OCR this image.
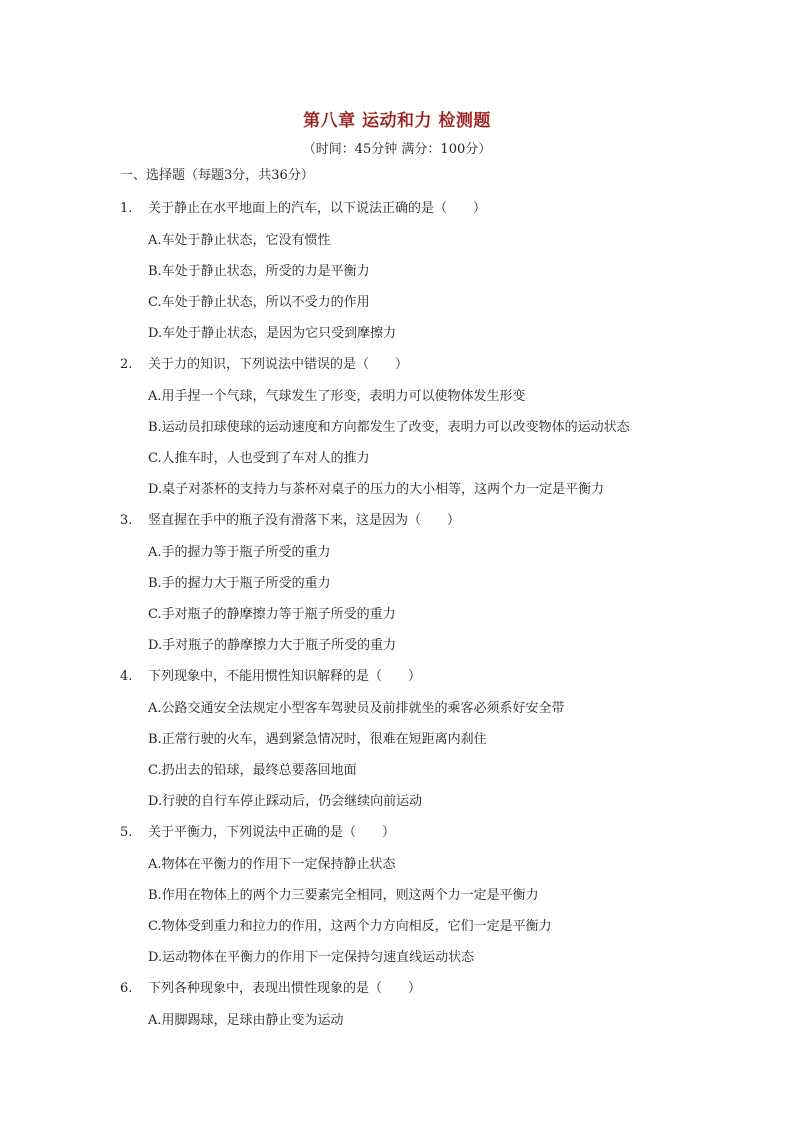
第八章 运动和力 检测题
（时间：45分钟 满分：100分）
一、选择题（每题3分，共36分）
1. 关于静止在水平地面上的汽车，以下说法正确的是（　　）
A.车处于静止状态，它没有惯性
B.车处于静止状态，所受的力是平衡力
C.车处于静止状态，所以不受力的作用
D.车处于静止状态，是因为它只受到摩擦力
2. 关于力的知识，下列说法中错误的是（　　）
A.用手捏一个气球，气球发生了形变，表明力可以使物体发生形变
B.运动员扣球使球的运动速度和方向都发生了改变，表明力可以改变物体的运动状态
C.人推车时，人也受到了车对人的推力
D.桌子对茶杯的支持力与茶杯对桌子的压力的大小相等，这两个力一定是平衡力
3. 竖直握在手中的瓶子没有滑落下来，这是因为（　　）
A.手的握力等于瓶子所受的重力
B.手的握力大于瓶子所受的重力
C.手对瓶子的静摩擦力等于瓶子所受的重力
D.手对瓶子的静摩擦力大于瓶子所受的重力
4. 下列现象中，不能用惯性知识解释的是（　　）
A.公路交通安全法规定小型客车驾驶员及前排就坐的乘客必须系好安全带
B.正常行驶的火车，遇到紧急情况时，很难在短距离内刹住
C.扔出去的铅球，最终总要落回地面
D.行驶的自行车停止踩动后，仍会继续向前运动
5. 关于平衡力，下列说法中正确的是（　　）
A.物体在平衡力的作用下一定保持静止状态
B.作用在物体上的两个力三要素完全相同，则这两个力一定是平衡力
C.物体受到重力和拉力的作用，这两个力方向相反，它们一定是平衡力
D.运动物体在平衡力的作用下一定保持匀速直线运动状态
6. 下列各种现象中，表现出惯性现象的是（　　）
A.用脚踢球，足球由静止变为运动
